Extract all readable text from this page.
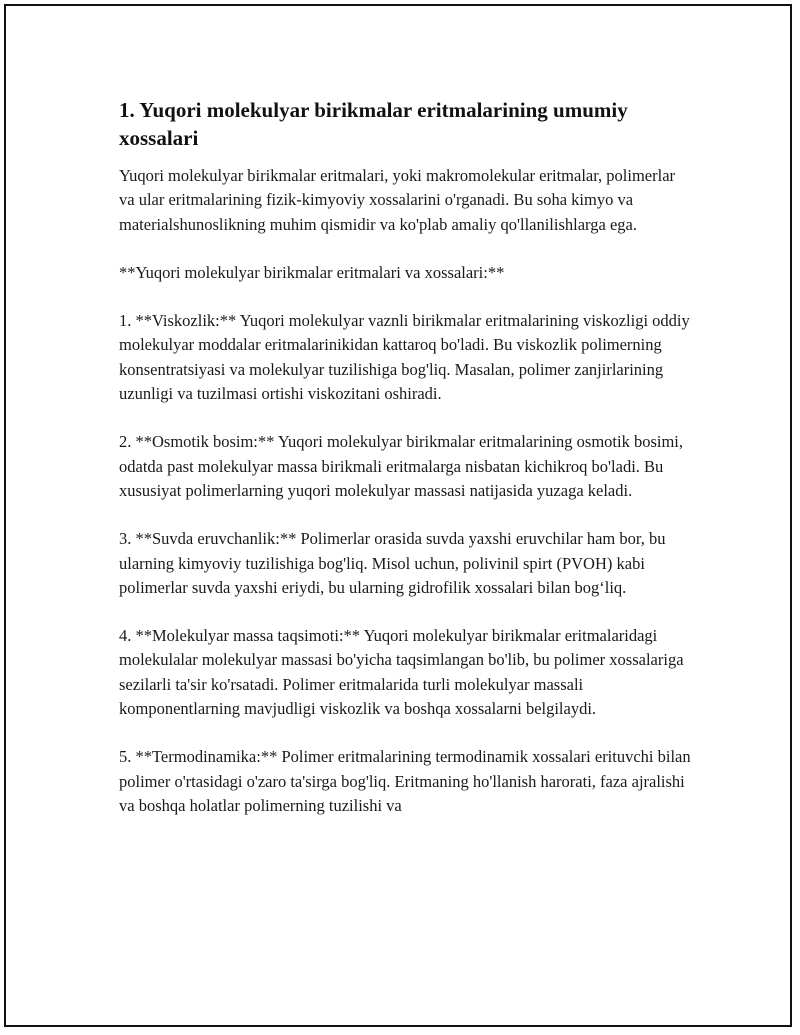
1. Yuqori molekulyar birikmalar eritmalarining umumiy xossalari

Yuqori molekulyar birikmalar eritmalari, yoki makromolekular eritmalar, polimerlar va ular eritmalarining fizik-kimyoviy xossalarini o'rganadi. Bu soha kimyo va materialshunoslikning muhim qismidir va ko'plab amaliy qo'llanilishlarga ega.

**Yuqori molekulyar birikmalar eritmalari va xossalari:**

1. **Viskozlik:** Yuqori molekulyar vaznli birikmalar eritmalarining viskozligi oddiy molekulyar moddalar eritmalarinikidan kattaroq bo'ladi. Bu viskozlik polimerning konsentratsiyasi va molekulyar tuzilishiga bog'liq. Masalan, polimer zanjirlarining uzunligi va tuzilmasi ortishi viskozitani oshiradi.

2. **Osmotik bosim:** Yuqori molekulyar birikmalar eritmalarining osmotik bosimi, odatda past molekulyar massa birikmali eritmalarga nisbatan kichikroq bo'ladi. Bu xususiyat polimerlarning yuqori molekulyar massasi natijasida yuzaga keladi.

3. **Suvda eruvchanlik:** Polimerlar orasida suvda yaxshi eruvchilar ham bor, bu ularning kimyoviy tuzilishiga bog'liq. Misol uchun, polivinil spirt (PVOH) kabi polimerlar suvda yaxshi eriydi, bu ularning gidrofilik xossalari bilan bog‘liq.

4. **Molekulyar massa taqsimoti:** Yuqori molekulyar birikmalar eritmalaridagi molekulalar molekulyar massasi bo'yicha taqsimlangan bo'lib, bu polimer xossalariga sezilarli ta'sir ko'rsatadi. Polimer eritmalarida turli molekulyar massali komponentlarning mavjudligi viskozlik va boshqa xossalarni belgilaydi.

5. **Termodinamika:** Polimer eritmalarining termodinamik xossalari erituvchi bilan polimer o'rtasidagi o'zaro ta'sirga bog'liq. Eritmaning ho'llanish harorati, faza ajralishi va boshqa holatlar polimerning tuzilishi va
